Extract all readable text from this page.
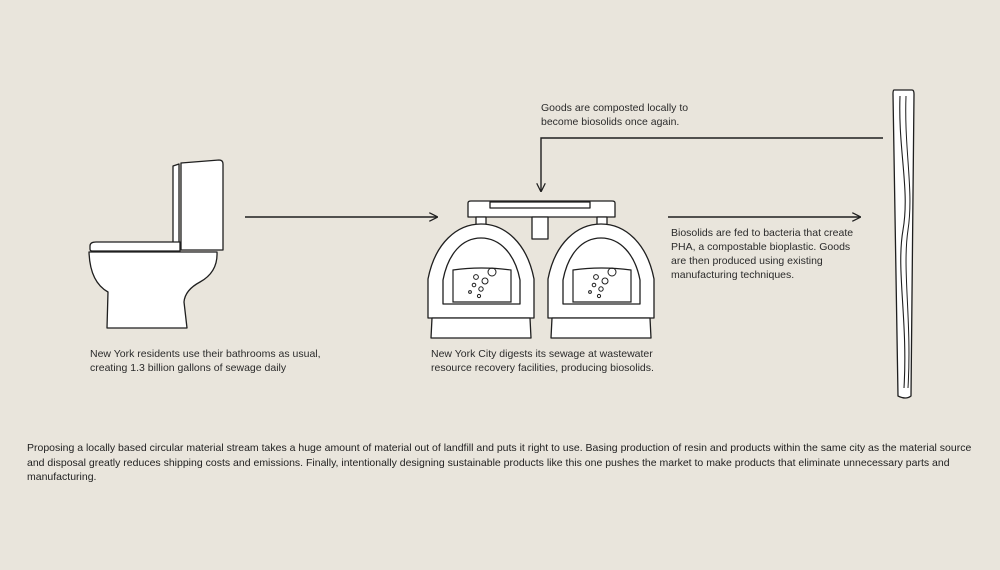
New York residents use their bathrooms as usual,
creating 1.3 billion gallons of sewage daily
New York City digests its sewage at wastewater
resource recovery facilities, producing biosolids.
Biosolids are fed to bacteria that create
PHA, a compostable bioplastic. Goods
are then produced using existing
manufacturing techniques.
Goods are composted locally to
become biosolids once again.
Proposing a locally based circular material stream takes a huge amount of material out of landfill and puts it right to use. Basing production of resin and products within the same city as the material source
and disposal greatly reduces shipping costs and emissions. Finally, intentionally designing sustainable products like this one pushes the market to make products that eliminate unnecessary parts and
manufacturing.
